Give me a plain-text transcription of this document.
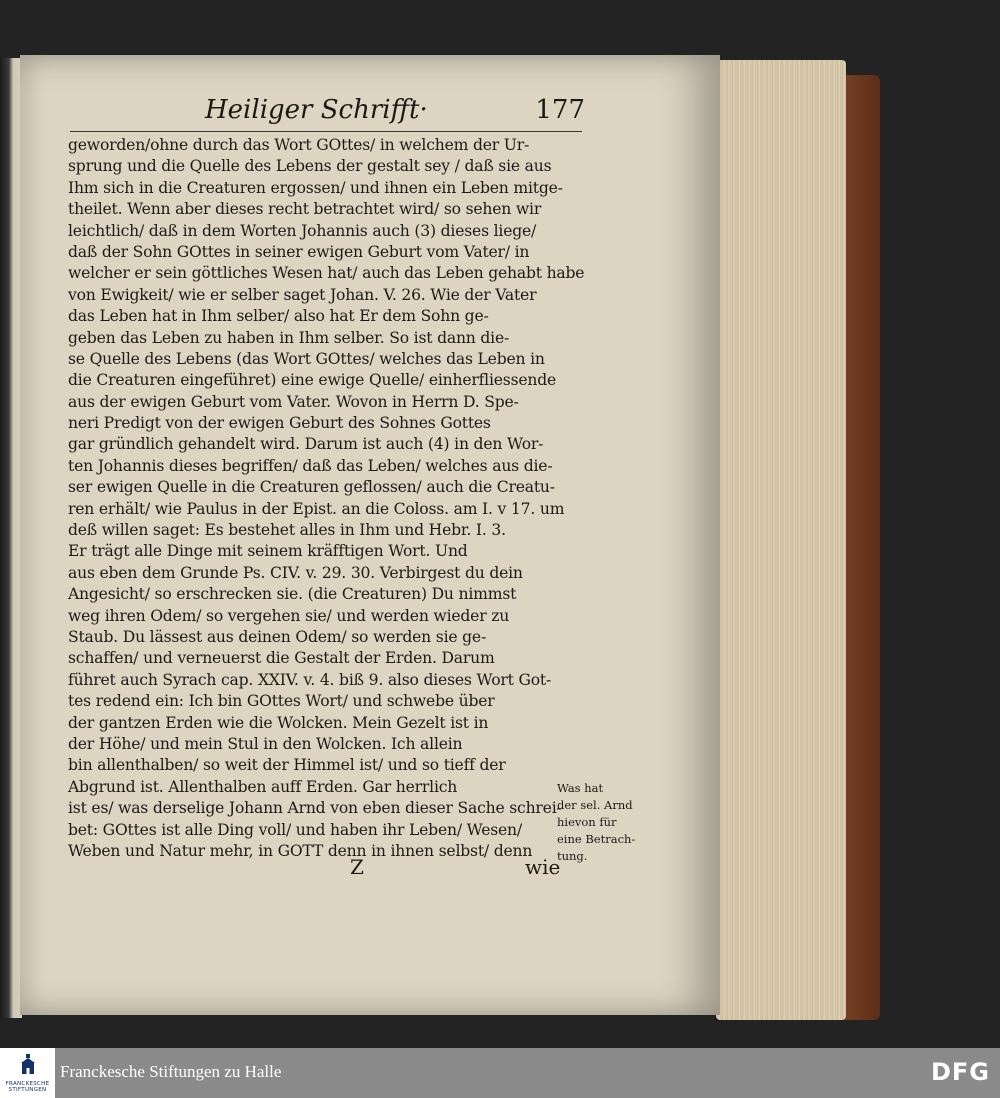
Heiliger Schrifft·	177
geworden/ohne durch das Wort GOttes/ in welchem der Ur-
sprung und die Quelle des Lebens der gestalt sey / daß sie aus
Ihm sich in die Creaturen ergossen/ und ihnen ein Leben mitge-
theilet. Wenn aber dieses recht betrachtet wird/ so sehen wir
leichtlich/ daß in dem Worten Johannis auch (3) dieses liege/
daß der Sohn GOttes in seiner ewigen Geburt vom Vater/ in
welcher er sein göttliches Wesen hat/ auch das Leben gehabt habe
von Ewigkeit/ wie er selber saget Johan. V. 26. Wie der Vater
das Leben hat in Ihm selber/ also hat Er dem Sohn ge-
geben das Leben zu haben in Ihm selber. So ist dann die-
se Quelle des Lebens (das Wort GOttes/ welches das Leben in
die Creaturen eingeführet) eine ewige Quelle/ einherfliessende
aus der ewigen Geburt vom Vater. Wovon in Herrn D. Spe-
neri Predigt von der ewigen Geburt des Sohnes Gottes
gar gründlich gehandelt wird. Darum ist auch (4) in den Wor-
ten Johannis dieses begriffen/ daß das Leben/ welches aus die-
ser ewigen Quelle in die Creaturen geflossen/ auch die Creatu-
ren erhält/ wie Paulus in der Epist. an die Coloss. am I. v 17. um
deß willen saget: Es bestehet alles in Ihm und Hebr. I. 3.
Er trägt alle Dinge mit seinem kräfftigen Wort. Und
aus eben dem Grunde Ps. CIV. v. 29. 30. Verbirgest du dein
Angesicht/ so erschrecken sie. (die Creaturen) Du nimmst
weg ihren Odem/ so vergehen sie/ und werden wieder zu
Staub. Du lässest aus deinen Odem/ so werden sie ge-
schaffen/ und verneuerst die Gestalt der Erden. Darum
führet auch Syrach cap. XXIV. v. 4. biß 9. also dieses Wort Got-
tes redend ein: Ich bin GOttes Wort/ und schwebe über
der gantzen Erden wie die Wolcken. Mein Gezelt ist in
der Höhe/ und mein Stul in den Wolcken. Ich allein
bin allenthalben/ so weit der Himmel ist/ und so tieff der
Abgrund ist. Allenthalben auff Erden. Gar herrlich
ist es/ was derselige Johann Arnd von eben dieser Sache schrei-
bet: GOttes ist alle Ding voll/ und haben ihr Leben/ Wesen/
Weben und Natur mehr, in GOTT denn in ihnen selbst/ denn
Was hat
der sel. Arnd
hievon für
eine Betrach-
tung.
Z	wie
FRANCKESCHE
STIFTUNGEN
Franckesche Stiftungen zu Halle	DFG
